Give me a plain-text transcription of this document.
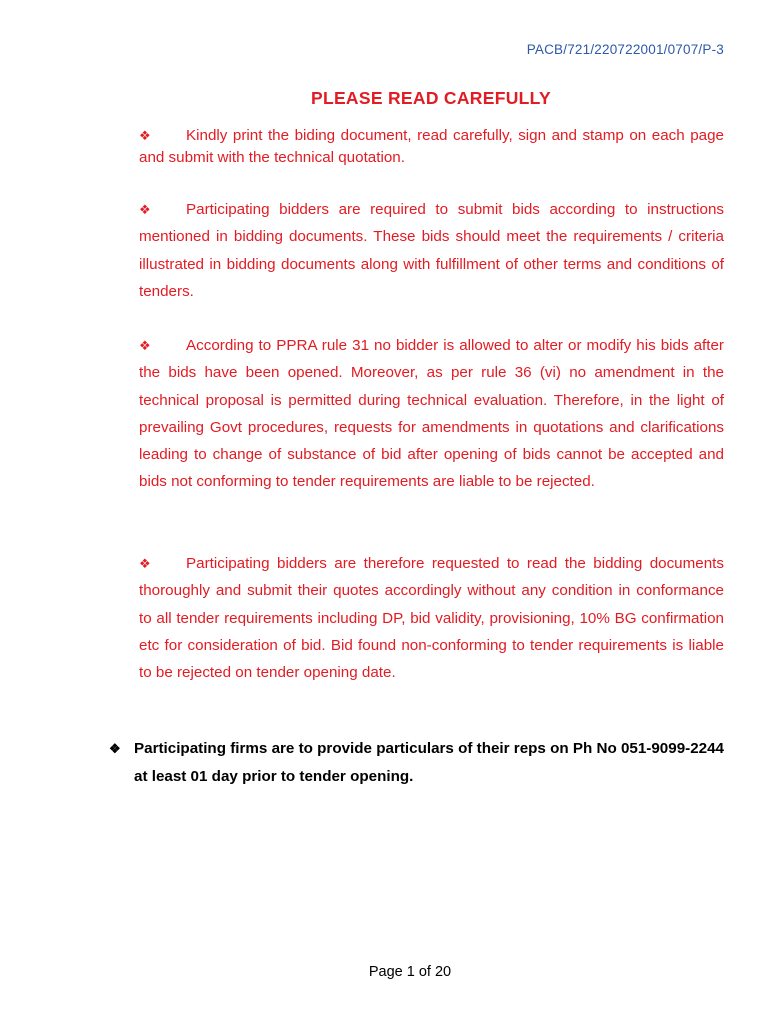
PACB/721/220722001/0707/P-3
PLEASE READ CAREFULLY
❖ Kindly print the biding document, read carefully, sign and stamp on each page and submit with the technical quotation.
❖ Participating bidders are required to submit bids according to instructions mentioned in bidding documents. These bids should meet the requirements / criteria illustrated in bidding documents along with fulfillment of other terms and conditions of tenders.
❖ According to PPRA rule 31 no bidder is allowed to alter or modify his bids after the bids have been opened. Moreover, as per rule 36 (vi) no amendment in the technical proposal is permitted during technical evaluation. Therefore, in the light of prevailing Govt procedures, requests for amendments in quotations and clarifications leading to change of substance of bid after opening of bids cannot be accepted and bids not conforming to tender requirements are liable to be rejected.
❖ Participating bidders are therefore requested to read the bidding documents thoroughly and submit their quotes accordingly without any condition in conformance to all tender requirements including DP, bid validity, provisioning, 10% BG confirmation etc for consideration of bid. Bid found non-conforming to tender requirements is liable to be rejected on tender opening date.
❖ Participating firms are to provide particulars of their reps on Ph No 051-9099-2244 at least 01 day prior to tender opening.
Page 1 of 20
